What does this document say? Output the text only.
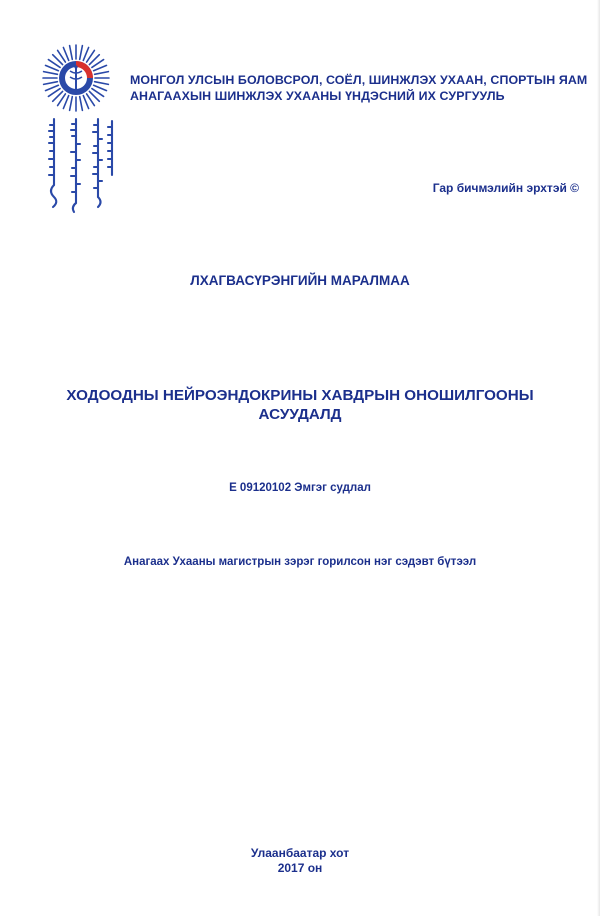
МОНГОЛ УЛСЫН БОЛОВСРОЛ, СОЁЛ, ШИНЖЛЭХ УХААН, СПОРТЫН ЯАМ
АНАГААХЫН ШИНЖЛЭХ УХААНЫ ҮНДЭСНИЙ ИХ СУРГУУЛЬ
Гар бичмэлийн эрхтэй ©
ЛХАГВАСҮРЭНГИЙН МАРАЛМАА
ХОДООДНЫ НЕЙРОЭНДОКРИНЫ ХАВДРЫН ОНОШИЛГООНЫ
АСУУДАЛД
Е 09120102 Эмгэг судлал
Анагаах Ухааны магистрын зэрэг горилсон нэг сэдэвт бүтээл
Улаанбаатар хот
2017 он
